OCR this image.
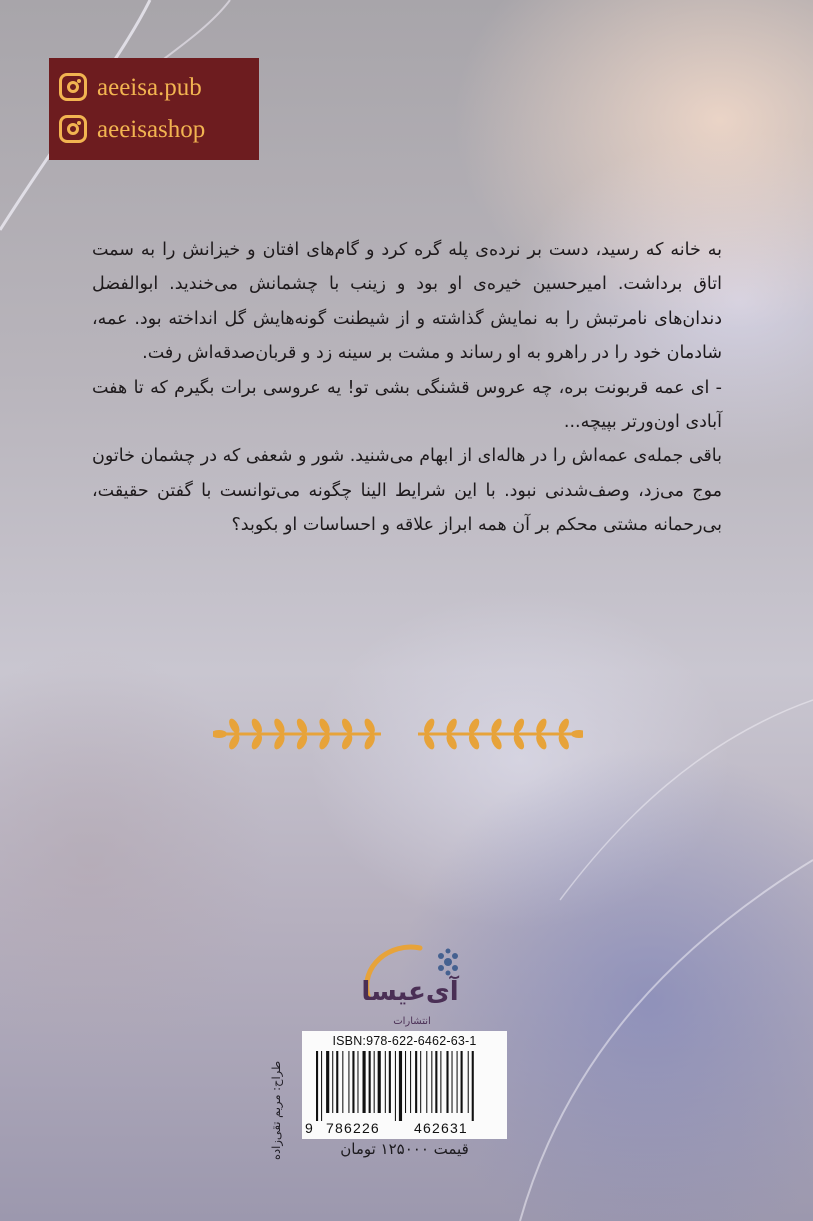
aeeisa.pub
aeeisashop

به خانه که رسید، دست بر نرده‌ی پله گره کرد و گام‌های افتان و خیزانش را به سمت اتاق برداشت. امیرحسین خیره‌ی او بود و زینب با چشمانش می‌خندید. ابوالفضل دندان‌های نامرتبش را به نمایش گذاشته و از شیطنت گونه‌هایش گل انداخته بود. عمه، شادمان خود را در راهرو به او رساند و مشت بر سینه زد و قربان‌صدقه‌اش رفت.

- ای عمه قربونت بره، چه عروس قشنگی بشی تو! یه عروسی برات بگیرم که تا هفت آبادی اون‌ورتر بپیچه...

باقی جمله‌ی عمه‌اش را در هاله‌ای از ابهام می‌شنید. شور و شعفی که در چشمان خاتون موج می‌زد، وصف‌شدنی نبود. با این شرایط الینا چگونه می‌توانست با گفتن حقیقت، بی‌رحمانه مشتی محکم بر آن همه ابراز علاقه و احساسات او بکوبد؟

آی‌عیسا
انتشارات
طراح: مریم تقی‌زاده
ISBN:978-622-6462-63-1
9 786226 462631
قیمت ۱۲۵۰۰۰ تومان
